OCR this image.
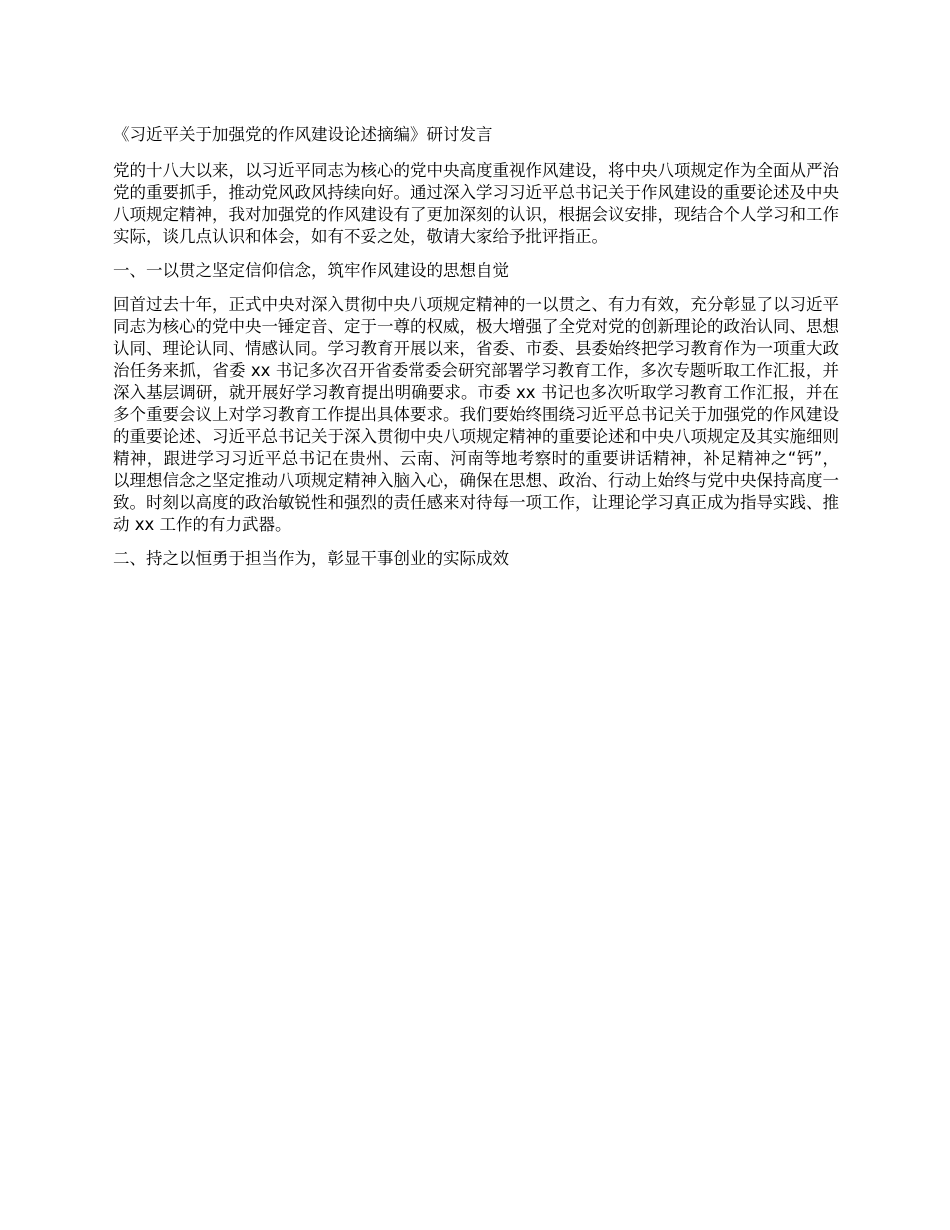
《习近平关于加强党的作风建设论述摘编》研讨发言

党的十八大以来，以习近平同志为核心的党中央高度重视作风建设，将中央八项规定作为全面从严治党的重要抓手，推动党风政风持续向好。通过深入学习习近平总书记关于作风建设的重要论述及中央八项规定精神，我对加强党的作风建设有了更加深刻的认识，根据会议安排，现结合个人学习和工作实际，谈几点认识和体会，如有不妥之处，敬请大家给予批评指正。

一、一以贯之坚定信仰信念，筑牢作风建设的思想自觉

回首过去十年，正式中央对深入贯彻中央八项规定精神的一以贯之、有力有效，充分彰显了以习近平同志为核心的党中央一锤定音、定于一尊的权威，极大增强了全党对党的创新理论的政治认同、思想认同、理论认同、情感认同。学习教育开展以来，省委、市委、县委始终把学习教育作为一项重大政治任务来抓，省委 xx 书记多次召开省委常委会研究部署学习教育工作，多次专题听取工作汇报，并深入基层调研，就开展好学习教育提出明确要求。市委 xx 书记也多次听取学习教育工作汇报，并在多个重要会议上对学习教育工作提出具体要求。我们要始终围绕习近平总书记关于加强党的作风建设的重要论述、习近平总书记关于深入贯彻中央八项规定精神的重要论述和中央八项规定及其实施细则精神，跟进学习习近平总书记在贵州、云南、河南等地考察时的重要讲话精神，补足精神之“钙”，以理想信念之坚定推动八项规定精神入脑入心，确保在思想、政治、行动上始终与党中央保持高度一致。时刻以高度的政治敏锐性和强烈的责任感来对待每一项工作，让理论学习真正成为指导实践、推动 xx 工作的有力武器。

二、持之以恒勇于担当作为，彰显干事创业的实际成效
